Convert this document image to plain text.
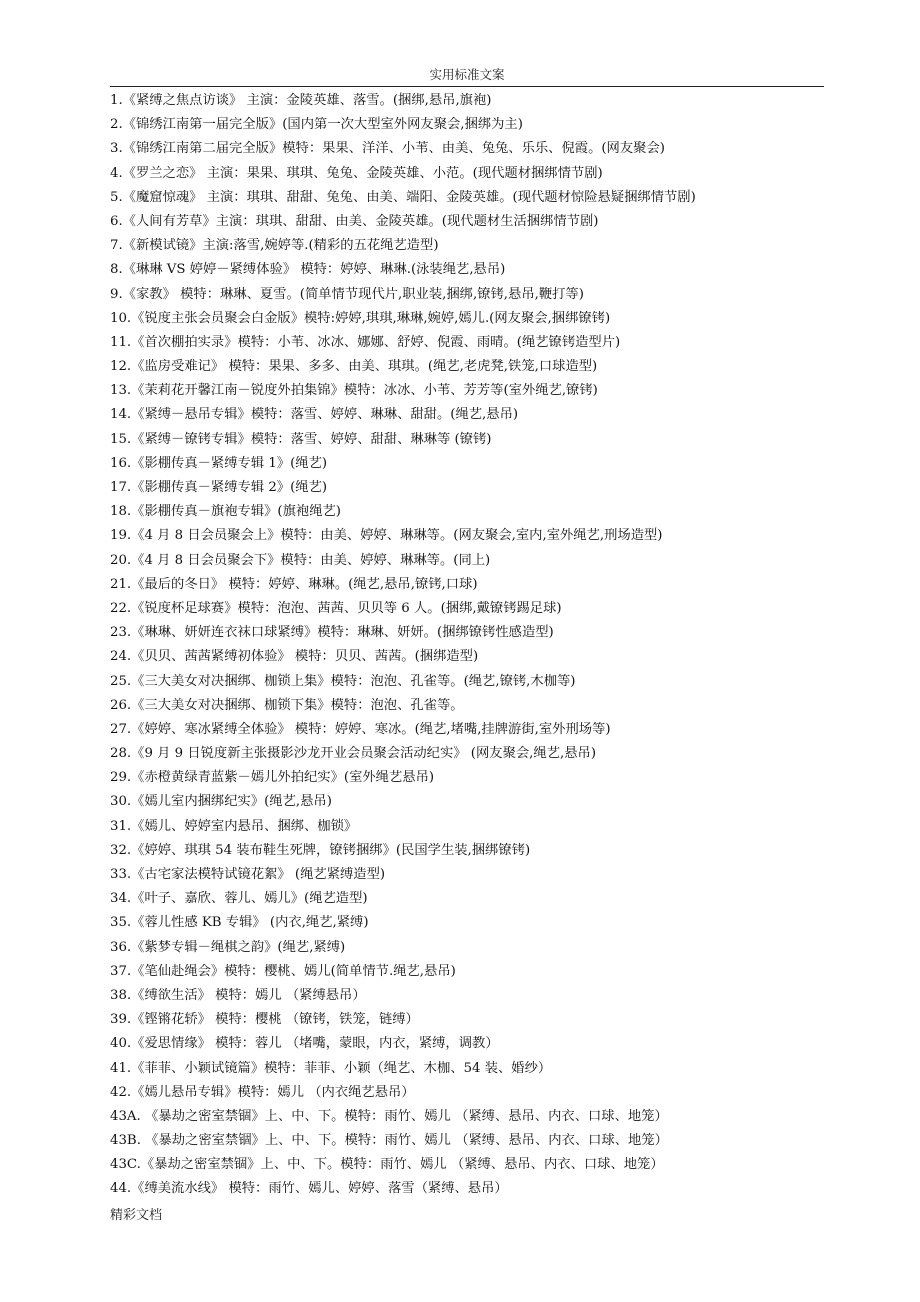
实用标准文案
1.《紧缚之焦点访谈》 主演：金陵英雄、落雪。(捆绑,悬吊,旗袍)
2.《锦绣江南第一届完全版》(国内第一次大型室外网友聚会,捆绑为主)
3.《锦绣江南第二届完全版》模特：果果、洋洋、小苇、由美、兔兔、乐乐、倪霞。(网友聚会)
4.《罗兰之恋》 主演：果果、琪琪、兔兔、金陵英雄、小范。(现代题材捆绑情节剧)
5.《魔窟惊魂》 主演：琪琪、甜甜、兔兔、由美、端阳、金陵英雄。(现代题材惊险悬疑捆绑情节剧)
6.《人间有芳草》主演：琪琪、甜甜、由美、金陵英雄。(现代题材生活捆绑情节剧)
7.《新模试镜》主演:落雪,婉婷等.(精彩的五花绳艺造型)
8.《琳琳 VS 婷婷－紧缚体验》 模特：婷婷、琳琳.(泳装绳艺,悬吊)
9.《家教》 模特：琳琳、夏雪。(简单情节现代片,职业装,捆绑,镣铐,悬吊,鞭打等)
10.《锐度主张会员聚会白金版》模特:婷婷,琪琪,琳琳,婉婷,嫣儿.(网友聚会,捆绑镣铐)
11.《首次棚拍实录》模特：小苇、冰冰、娜娜、舒婷、倪霞、雨晴。(绳艺镣铐造型片)
12.《监房受难记》 模特：果果、多多、由美、琪琪。(绳艺,老虎凳,铁笼,口球造型)
13.《茉莉花开馨江南－锐度外拍集锦》模特：冰冰、小苇、芳芳等(室外绳艺,镣铐)
14.《紧缚－悬吊专辑》模特：落雪、婷婷、琳琳、甜甜。(绳艺,悬吊)
15.《紧缚－镣铐专辑》模特：落雪、婷婷、甜甜、琳琳等 (镣铐)
16.《影棚传真－紧缚专辑 1》(绳艺)
17.《影棚传真－紧缚专辑 2》(绳艺)
18.《影棚传真－旗袍专辑》(旗袍绳艺)
19.《4 月 8 日会员聚会上》模特：由美、婷婷、琳琳等。(网友聚会,室内,室外绳艺,刑场造型)
20.《4 月 8 日会员聚会下》模特：由美、婷婷、琳琳等。(同上)
21.《最后的冬日》 模特：婷婷、琳琳。(绳艺,悬吊,镣铐,口球)
22.《锐度杯足球赛》模特：泡泡、茜茜、贝贝等 6 人。(捆绑,戴镣铐踢足球)
23.《琳琳、妍妍连衣袜口球紧缚》模特：琳琳、妍妍。(捆绑镣铐性感造型)
24.《贝贝、茜茜紧缚初体验》 模特：贝贝、茜茜。(捆绑造型)
25.《三大美女对决捆绑、枷锁上集》模特：泡泡、孔雀等。(绳艺,镣铐,木枷等)
26.《三大美女对决捆绑、枷锁下集》模特：泡泡、孔雀等。
27.《婷婷、寒冰紧缚全体验》 模特：婷婷、寒冰。(绳艺,堵嘴,挂牌游街,室外刑场等)
28.《9 月 9 日锐度新主张摄影沙龙开业会员聚会活动纪实》 (网友聚会,绳艺,悬吊)
29.《赤橙黄绿青蓝紫－嫣儿外拍纪实》(室外绳艺悬吊)
30.《嫣儿室内捆绑纪实》(绳艺,悬吊)
31.《嫣儿、婷婷室内悬吊、捆绑、枷锁》
32.《婷婷、琪琪 54 装布鞋生死牌，镣铐捆绑》(民国学生装,捆绑镣铐)
33.《古宅家法模特试镜花絮》 (绳艺紧缚造型)
34.《叶子、嘉欣、蓉儿、嫣儿》(绳艺造型)
35.《蓉儿性感 KB 专辑》 (内衣,绳艺,紧缚)
36.《紫梦专辑－绳棋之韵》(绳艺,紧缚)
37.《笔仙赴绳会》模特：樱桃、嫣儿(简单情节.绳艺,悬吊)
38.《缚欲生活》 模特：嫣儿 （紧缚悬吊）
39.《铿锵花轿》 模特：樱桃 （镣铐，铁笼，链缚）
40.《爱思情缘》 模特：蓉儿 （堵嘴，蒙眼，内衣，紧缚，调教）
41.《菲菲、小颖试镜篇》模特：菲菲、小颖（绳艺、木枷、54 装、婚纱）
42.《嫣儿悬吊专辑》模特：嫣儿 （内衣绳艺悬吊）
43A. 《暴劫之密室禁锢》上、中、下。模特：雨竹、嫣儿 （紧缚、悬吊、内衣、口球、地笼）
43B. 《暴劫之密室禁锢》上、中、下。模特：雨竹、嫣儿 （紧缚、悬吊、内衣、口球、地笼）
43C.《暴劫之密室禁锢》上、中、下。模特：雨竹、嫣儿 （紧缚、悬吊、内衣、口球、地笼）
44.《缚美流水线》 模特：雨竹、嫣儿、婷婷、落雪（紧缚、悬吊）
精彩文档
